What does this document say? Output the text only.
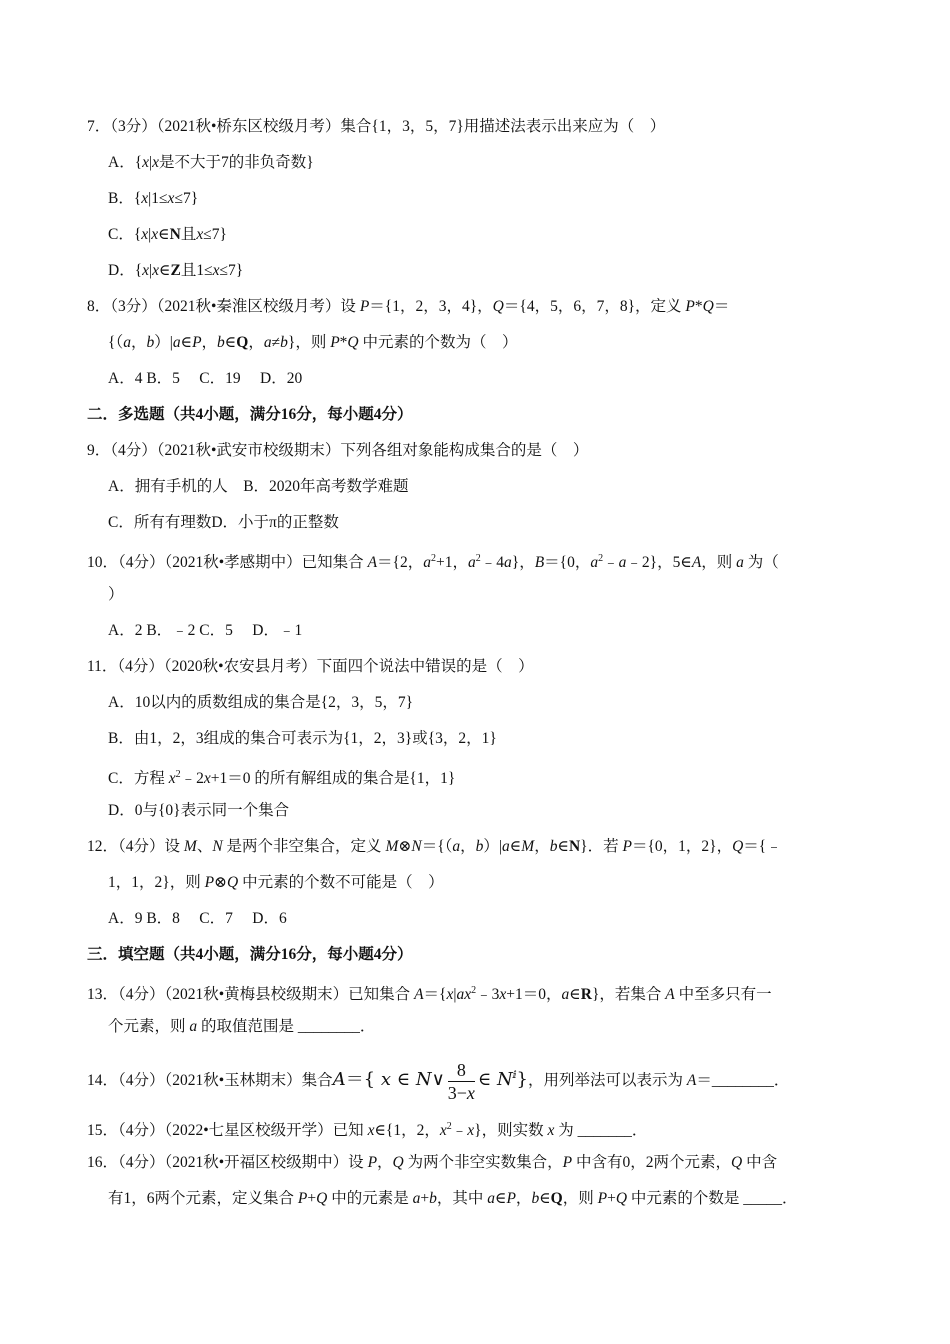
7．（3分）（2021秋•桥东区校级月考）集合{1，3，5，7}用描述法表示出来应为（　）
A．{x|x是不大于7的非负奇数}
B．{x|1≤x≤7}
C．{x|x∈N且x≤7}
D．{x|x∈Z且1≤x≤7}
8．（3分）（2021秋•秦淮区校级月考）设 P＝{1，2，3，4}，Q＝{4，5，6，7，8}，定义 P*Q＝
{（a，b）|a∈P，b∈Q，a≠b}，则 P*Q 中元素的个数为（　）
A．4 B．5　 C．19　 D．20
二．多选题（共4小题，满分16分，每小题4分）
9．（4分）（2021秋•武安市校级期末）下列各组对象能构成集合的是（　）
A．拥有手机的人　B．2020年高考数学难题
C．所有有理数D．小于π的正整数
10．（4分）（2021秋•孝感期中）已知集合 A＝{2，$a^2+1$，$a^2﹣4a$}，B＝{0，$a^2﹣a﹣2$}，5∈A，则 a 为（
）
A．2 B．﹣2 C．5　 D．﹣1
11．（4分）（2020秋•农安县月考）下面四个说法中错误的是（　）
A．10以内的质数组成的集合是{2，3，5，7}
B．由1，2，3组成的集合可表示为{1，2，3}或{3，2，1}
C．方程 $x^2﹣2x+1=0$ 的所有解组成的集合是{1，1}
D．0与{0}表示同一个集合
12．（4分）设 M、N 是两个非空集合，定义 M⊗N＝{（a，b）|a∈M，b∈N}．若 P＝{0，1，2}，Q＝{﹣
1，1，2}，则 P⊗Q 中元素的个数不可能是（　）
A．9 B．8　 C．7　 D．6
三．填空题（共4小题，满分16分，每小题4分）
13．（4分）（2021秋•黄梅县校级期末）已知集合 $A=\{x|ax^2﹣3x+1=0$，a∈R}，若集合 A 中至多只有一
个元素，则 a 的取值范围是 ________．
14．（4分）（2021秋•玉林期末）集合A＝{ x ∈ N∨ $\frac{8}{3-x}$ ∈ $N^ⅈ$}，用列举法可以表示为 A＝________．
15．（4分）（2022•七星区校级开学）已知 x∈{1，2，$x^2﹣x$}，则实数 x 为 _______．
16．（4分）（2021秋•开福区校级期中）设 P，Q 为两个非空实数集合，P 中含有0，2两个元素，Q 中含
有1，6两个元素，定义集合 P+Q 中的元素是 a+b，其中 a∈P，b∈Q，则 P+Q 中元素的个数是 _____．
